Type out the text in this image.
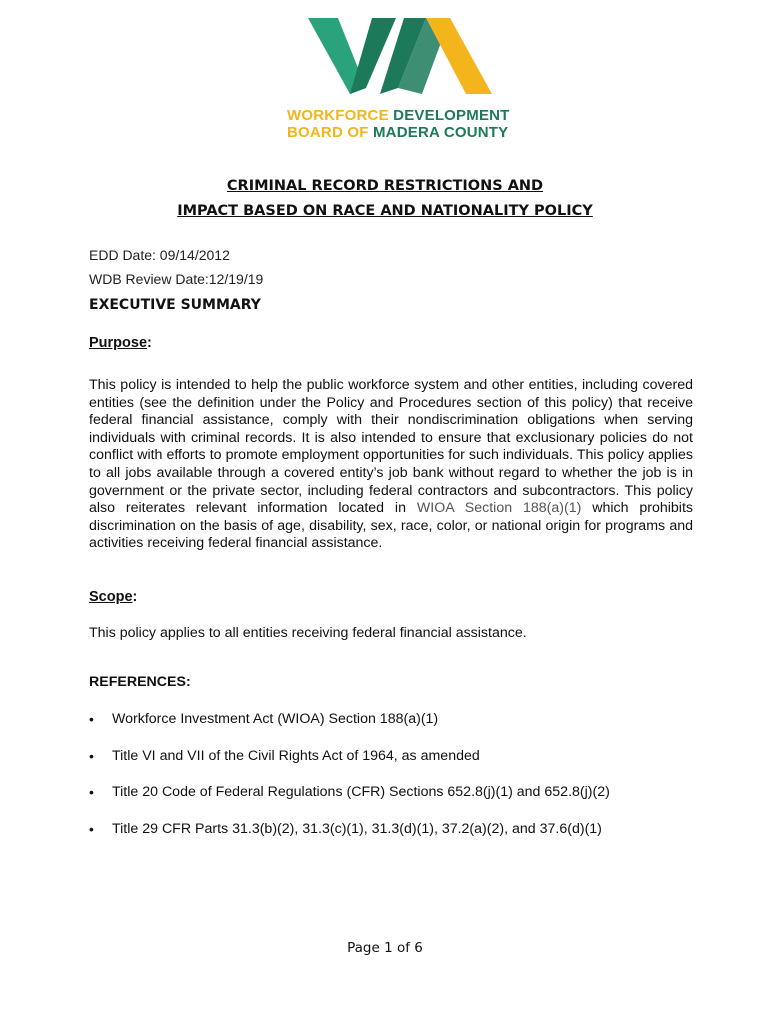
WORKFORCE DEVELOPMENT
BOARD OF MADERA COUNTY
CRIMINAL RECORD RESTRICTIONS AND
IMPACT BASED ON RACE AND NATIONALITY POLICY
EDD Date: 09/14/2012
WDB Review Date:12/19/19
EXECUTIVE SUMMARY
Purpose:
This policy is intended to help the public workforce system and other entities, including covered entities (see the definition under the Policy and Procedures section of this policy) that receive federal financial assistance, comply with their nondiscrimination obligations when serving individuals with criminal records. It is also intended to ensure that exclusionary policies do not conflict with efforts to promote employment opportunities for such individuals. This policy applies to all jobs available through a covered entity’s job bank without regard to whether the job is in government or the private sector, including federal contractors and subcontractors. This policy also reiterates relevant information located in WIOA Section 188(a)(1) which prohibits discrimination on the basis of age, disability, sex, race, color, or national origin for programs and activities receiving federal financial assistance.
Scope:
This policy applies to all entities receiving federal financial assistance.
REFERENCES:
• Workforce Investment Act (WIOA) Section 188(a)(1)
• Title VI and VII of the Civil Rights Act of 1964, as amended
• Title 20 Code of Federal Regulations (CFR) Sections 652.8(j)(1) and 652.8(j)(2)
• Title 29 CFR Parts 31.3(b)(2), 31.3(c)(1), 31.3(d)(1), 37.2(a)(2), and 37.6(d)(1)
Page 1 of 6
